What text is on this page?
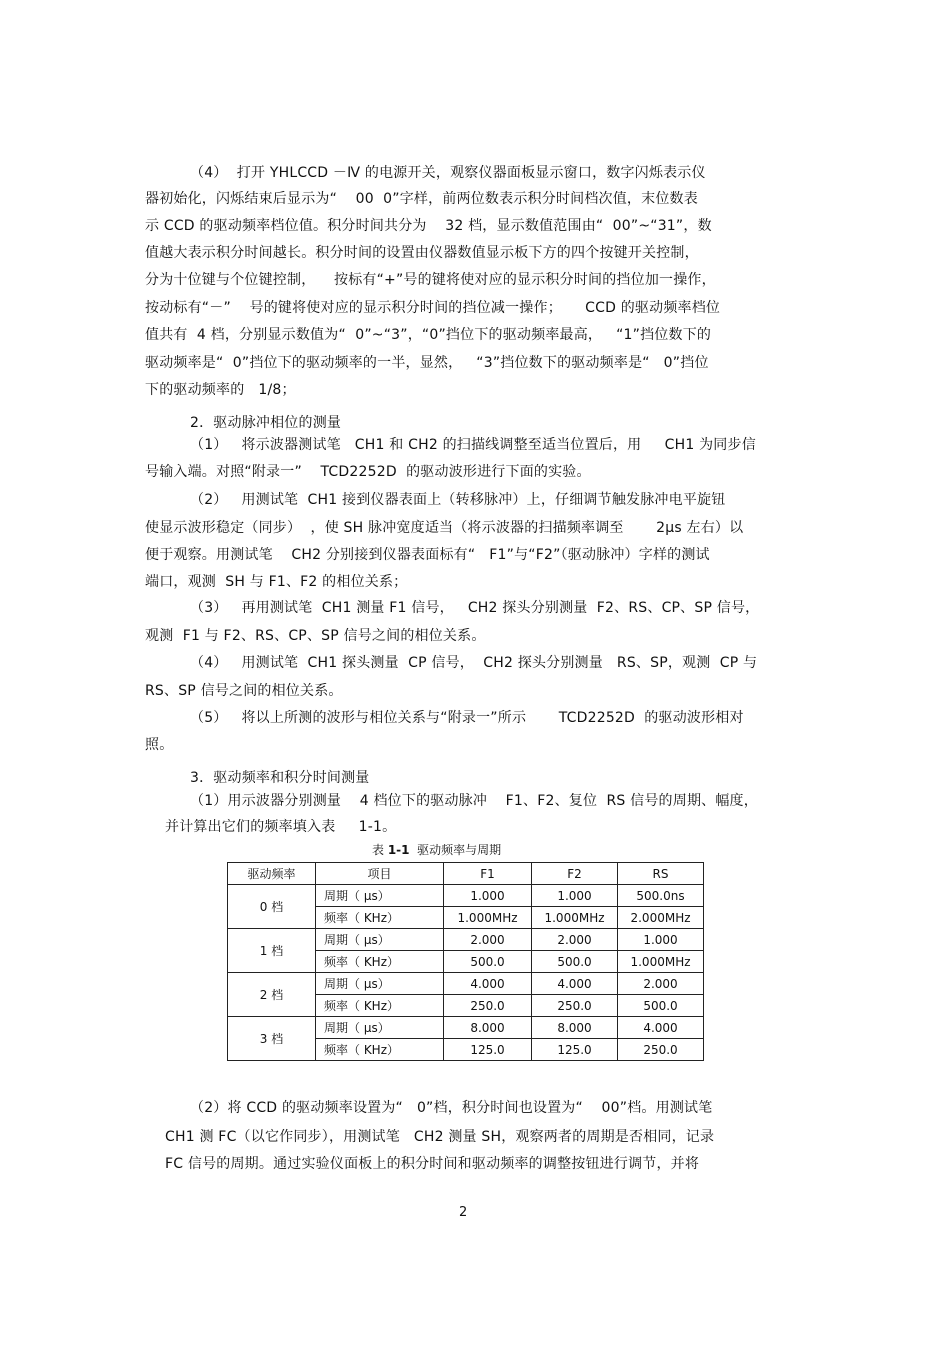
（4）  打开 YHLCCD －Ⅳ 的电源开关，观察仪器面板显示窗口，数字闪烁表示仪
器初始化，闪烁结束后显示为“    00  0”字样，前两位数表示积分时间档次值，末位数表
示 CCD 的驱动频率档位值。积分时间共分为    32 档，显示数值范围由“  00”~“31”，数
值越大表示积分时间越长。积分时间的设置由仪器数值显示板下方的四个按键开关控制，
分为十位键与个位键控制，    按标有“+”号的键将使对应的显示积分时间的挡位加一操作，
按动标有“－”    号的键将使对应的显示积分时间的挡位减一操作；     CCD 的驱动频率档位
值共有  4 档，分别显示数值为“  0”~“3”，“0”挡位下的驱动频率最高，   “1”挡位数下的
驱动频率是“  0”挡位下的驱动频率的一半，显然，   “3”挡位数下的驱动频率是“   0”挡位
下的驱动频率的   1/8；
2．驱动脉冲相位的测量
（1）   将示波器测试笔   CH1 和 CH2 的扫描线调整至适当位置后，用     CH1 为同步信
号输入端。对照“附录一”    TCD2252D  的驱动波形进行下面的实验。
（2）   用测试笔  CH1 接到仪器表面上（转移脉冲）上，仔细调节触发脉冲电平旋钮
使显示波形稳定（同步）  ，使 SH 脉冲宽度适当（将示波器的扫描频率调至       2µs 左右）以
便于观察。用测试笔    CH2 分别接到仪器表面标有“   F1”与“F2”（驱动脉冲）字样的测试
端口，观测  SH 与 F1、F2 的相位关系；
（3）   再用测试笔  CH1 测量 F1 信号，   CH2 探头分别测量  F2、RS、CP、SP 信号，
观测  F1 与 F2、RS、CP、SP 信号之间的相位关系。
（4）   用测试笔  CH1 探头测量  CP 信号，  CH2 探头分别测量   RS、SP，观测  CP 与
RS、SP 信号之间的相位关系。
（5）   将以上所测的波形与相位关系与“附录一”所示       TCD2252D  的驱动波形相对
照。
3．驱动频率和积分时间测量
（1）用示波器分别测量    4 档位下的驱动脉冲    F1、F2、复位  RS 信号的周期、幅度，
并计算出它们的频率填入表     1-1。
表 1-1  驱动频率与周期
驱动频率	项目	F1	F2	RS
0 档	周期（ µs）	1.000	1.000	500.0ns
	频率（ KHz）	1.000MHz	1.000MHz	2.000MHz
1 档	周期（ µs）	2.000	2.000	1.000
	频率（ KHz）	500.0	500.0	1.000MHz
2 档	周期（ µs）	4.000	4.000	2.000
	频率（ KHz）	250.0	250.0	500.0
3 档	周期（ µs）	8.000	8.000	4.000
	频率（ KHz）	125.0	125.0	250.0
（2）将 CCD 的驱动频率设置为“   0”档，积分时间也设置为“    00”档。用测试笔
CH1 测 FC（以它作同步），用测试笔   CH2 测量 SH，观察两者的周期是否相同，记录
FC 信号的周期。通过实验仪面板上的积分时间和驱动频率的调整按钮进行调节，并将
2
